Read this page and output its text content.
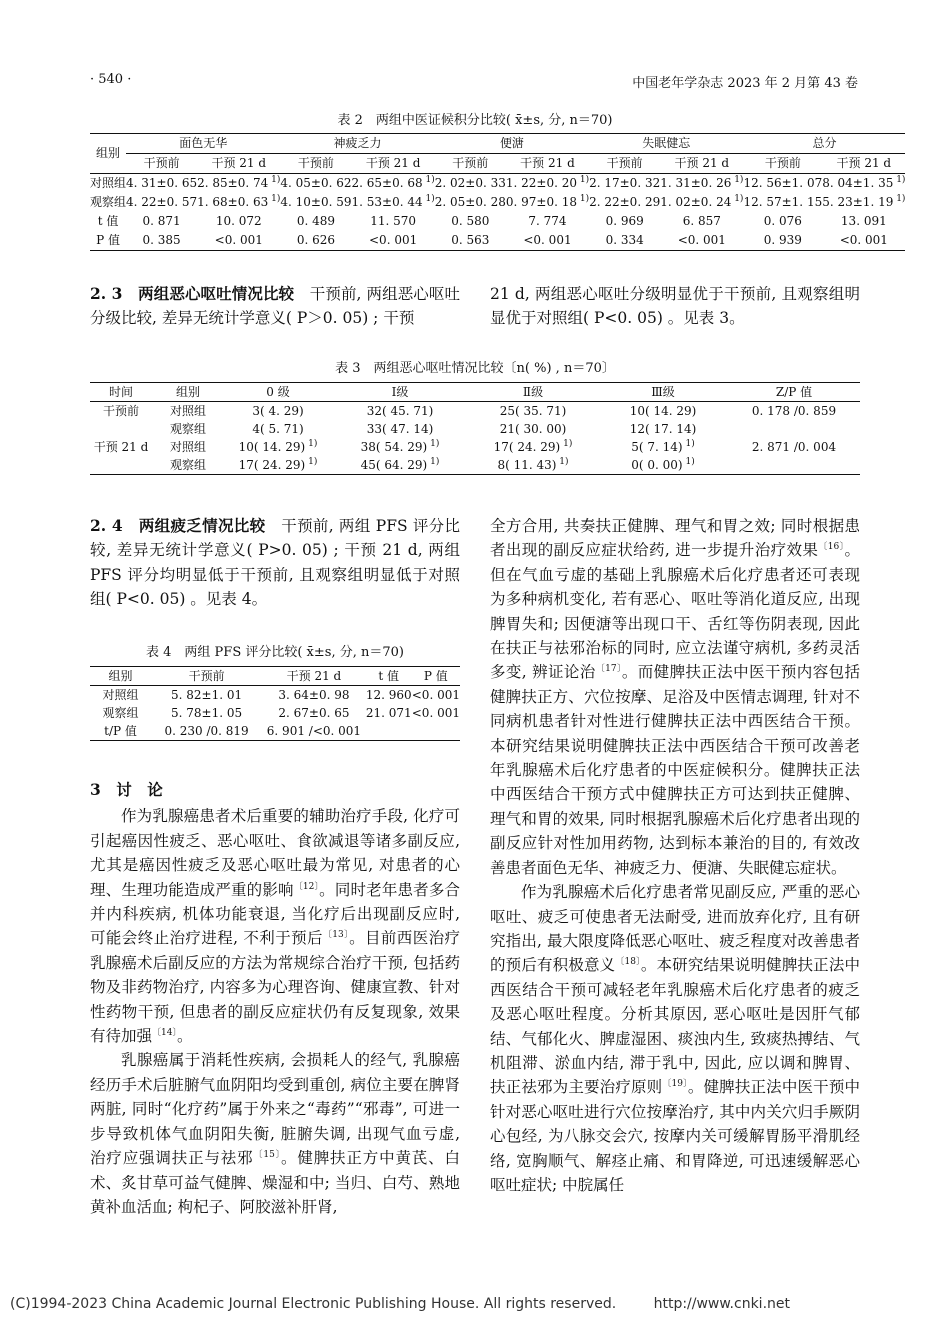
· 540 ·	中国老年学杂志 2023 年 2 月第 43 卷
表 2　两组中医证候积分比较( x̄±s, 分, n＝70)
组别	面色无华		神疲乏力		便溏		失眠健忘		总分	
	干预前	干预 21 d	干预前	干预 21 d	干预前	干预 21 d	干预前	干预 21 d	干预前	干预 21 d
对照组	4. 31±0. 65	2. 85±0. 74 $^{1)}$	4. 05±0. 62	2. 65±0. 68 $^{1)}$	2. 02±0. 33	1. 22±0. 20 $^{1)}$	2. 17±0. 32	1. 31±0. 26 $^{1)}$	12. 56±1. 07	8. 04±1. 35 $^{1)}$
观察组	4. 22±0. 57	1. 68±0. 63 $^{1)}$	4. 10±0. 59	1. 53±0. 44 $^{1)}$	2. 05±0. 28	0. 97±0. 18 $^{1)}$	2. 22±0. 29	1. 02±0. 24 $^{1)}$	12. 57±1. 15	5. 23±1. 19 $^{1)}$
t 值	0. 871	10. 072	0. 489	11. 570	0. 580	7. 774	0. 969	6. 857	0. 076	13. 091
P 值	0. 385	<0. 001	0. 626	<0. 001	0. 563	<0. 001	0. 334	<0. 001	0. 939	<0. 001

2. 3　两组恶心呕吐情况比较　 干预前, 两组恶心呕吐分级比较, 差异无统计学意义( P＞0. 05) ; 干预

21 d, 两组恶心呕吐分级明显优于干预前, 且观察组明显优于对照组( P<0. 05) 。见表 3。

表 3　两组恶心呕吐情况比较〔n( %) , n＝70〕
时间	组别	0 级	Ⅰ级	Ⅱ级	Ⅲ级	Z/P 值
干预前	对照组	3( 4. 29)	32( 45. 71)	25( 35. 71)	10( 14. 29)	0. 178 /0. 859
	观察组	4( 5. 71)	33( 47. 14)	21( 30. 00)	12( 17. 14)	
干预 21 d	对照组	10( 14. 29) $^{1)}$	38( 54. 29) $^{1)}$	17( 24. 29) $^{1)}$	5( 7. 14) $^{1)}$	2. 871 /0. 004
	观察组	17( 24. 29) $^{1)}$	45( 64. 29) $^{1)}$	8( 11. 43) $^{1)}$	0( 0. 00) $^{1)}$	

2. 4　两组疲乏情况比较　 干预前, 两组 PFS 评分比较, 差异无统计学意义( P>0. 05) ; 干预 21 d, 两组 PFS 评分均明显低于干预前, 且观察组明显低于对照组( P<0. 05) 。见表 4。

表 4　两组 PFS 评分比较( x̄±s, 分, n＝70)
组别	干预前	干预 21 d	t 值	P 值
对照组	5. 82±1. 01	3. 64±0. 98	12. 960	<0. 001
观察组	5. 78±1. 05	2. 67±0. 65	21. 071	<0. 001
t/P 值	0. 230 /0. 819	6. 901 /<0. 001		

3　讨　论

作为乳腺癌患者术后重要的辅助治疗手段, 化疗可引起癌因性疲乏、恶心呕吐、食欲减退等诸多副反应, 尤其是癌因性疲乏及恶心呕吐最为常见, 对患者的心理、生理功能造成严重的影响$^{〔12〕}$。同时老年患者多合并内科疾病, 机体功能衰退, 当化疗后出现副反应时, 可能会终止治疗进程, 不利于预后$^{〔13〕}$。目前西医治疗乳腺癌术后副反应的方法为常规综合治疗干预, 包括药物及非药物治疗, 内容多为心理咨询、健康宣教、针对性药物干预, 但患者的副反应症状仍有反复现象, 效果有待加强$^{〔14〕}$。

乳腺癌属于消耗性疾病, 会损耗人的经气, 乳腺癌经历手术后脏腑气血阴阳均受到重创, 病位主要在脾肾两脏, 同时“化疗药”属于外来之“毒药”“邪毒”, 可进一步导致机体气血阴阳失衡, 脏腑失调, 出现气血亏虚, 治疗应强调扶正与祛邪$^{〔15〕}$。健脾扶正方中黄芪、白术、炙甘草可益气健脾、燥湿和中; 当归、白芍、熟地黄补血活血; 枸杞子、阿胶滋补肝肾,

全方合用, 共奏扶正健脾、理气和胃之效; 同时根据患者出现的副反应症状给药, 进一步提升治疗效果$^{〔16〕}$。但在气血亏虚的基础上乳腺癌术后化疗患者还可表现为多种病机变化, 若有恶心、呕吐等消化道反应, 出现脾胃失和; 因便溏等出现口干、舌红等伤阴表现, 因此在扶正与祛邪治标的同时, 应立法谨守病机, 多药灵活多变, 辨证论治$^{〔17〕}$。而健脾扶正法中医干预内容包括健脾扶正方、穴位按摩、足浴及中医情志调理, 针对不同病机患者针对性进行健脾扶正法中西医结合干预。本研究结果说明健脾扶正法中西医结合干预可改善老年乳腺癌术后化疗患者的中医症候积分。健脾扶正法中西医结合干预方式中健脾扶正方可达到扶正健脾、理气和胃的效果, 同时根据乳腺癌术后化疗患者出现的副反应针对性加用药物, 达到标本兼治的目的, 有效改善患者面色无华、神疲乏力、便溏、失眠健忘症状。

作为乳腺癌术后化疗患者常见副反应, 严重的恶心呕吐、疲乏可使患者无法耐受, 进而放弃化疗, 且有研究指出, 最大限度降低恶心呕吐、疲乏程度对改善患者的预后有积极意义$^{〔18〕}$。本研究结果说明健脾扶正法中西医结合干预可减轻老年乳腺癌术后化疗患者的疲乏及恶心呕吐程度。分析其原因, 恶心呕吐是因肝气郁结、气郁化火、脾虚湿困、痰浊内生, 致痰热搏结、气机阻滞、淤血内结, 滞于乳中, 因此, 应以调和脾胃、扶正祛邪为主要治疗原则$^{〔19〕}$。健脾扶正法中医干预中针对恶心呕吐进行穴位按摩治疗, 其中内关穴归手厥阴心包经, 为八脉交会穴, 按摩内关可缓解胃肠平滑肌经络, 宽胸顺气、解痉止痛、和胃降逆, 可迅速缓解恶心呕吐症状; 中脘属任

(C)1994-2023 China Academic Journal Electronic Publishing House. All rights reserved.	http://www.cnki.net
